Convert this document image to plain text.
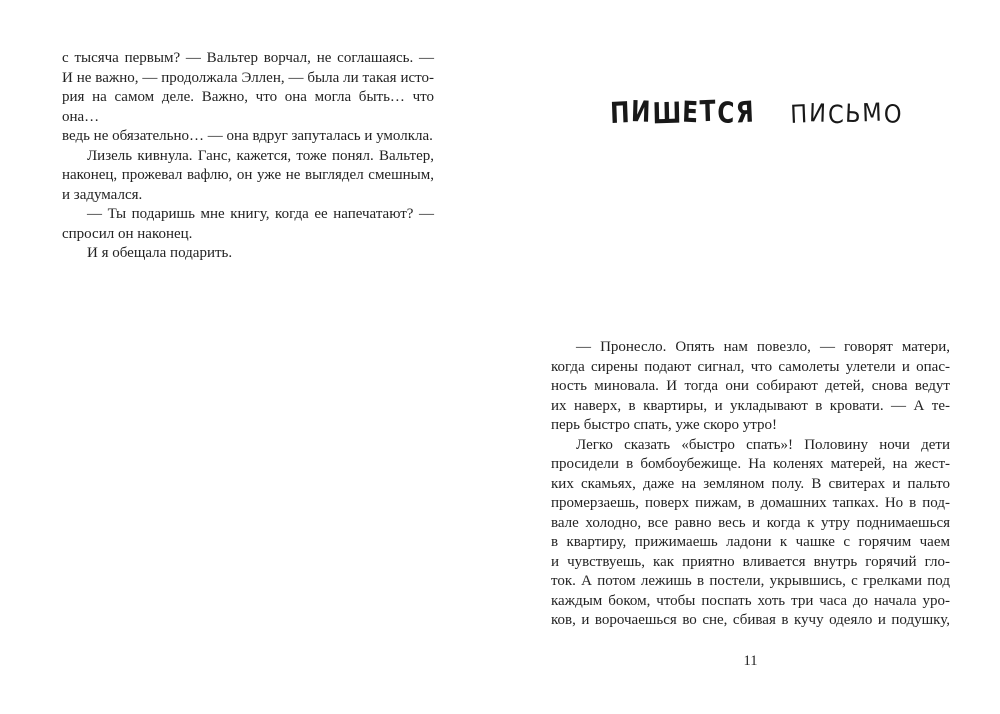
с тысяча первым? — Вальтер ворчал, не соглашаясь. —
И не важно, — продолжала Эллен, — была ли такая исто-
рия на самом деле. Важно, что она могла быть… что она…
ведь не обязательно… — она вдруг запуталась и умолкла.
Лизель кивнула. Ганс, кажется, тоже понял. Вальтер,
наконец, прожевал вафлю, он уже не выглядел смешным,
и задумался.
— Ты подаришь мне книгу, когда ее напечатают? —
спросил он наконец.
И я обещала подарить.
ПИШЕТСЯ ПИСЬМО
— Пронесло. Опять нам повезло, — говорят матери,
когда сирены подают сигнал, что самолеты улетели и опас-
ность миновала. И тогда они собирают детей, снова ведут
их наверх, в квартиры, и укладывают в кровати. — А те-
перь быстро спать, уже скоро утро!
Легко сказать «быстро спать»! Половину ночи дети
просидели в бомбоубежище. На коленях матерей, на жест-
ких скамьях, даже на земляном полу. В свитерах и пальто
промерзаешь, поверх пижам, в домашних тапках. Но в под-
вале холодно, все равно весь и когда к утру поднимаешься
в квартиру, прижимаешь ладони к чашке с горячим чаем
и чувствуешь, как приятно вливается внутрь горячий гло-
ток. А потом лежишь в постели, укрывшись, с грелками под
каждым боком, чтобы поспать хоть три часа до начала уро-
ков, и ворочаешься во сне, сбивая в кучу одеяло и подушку,
11
